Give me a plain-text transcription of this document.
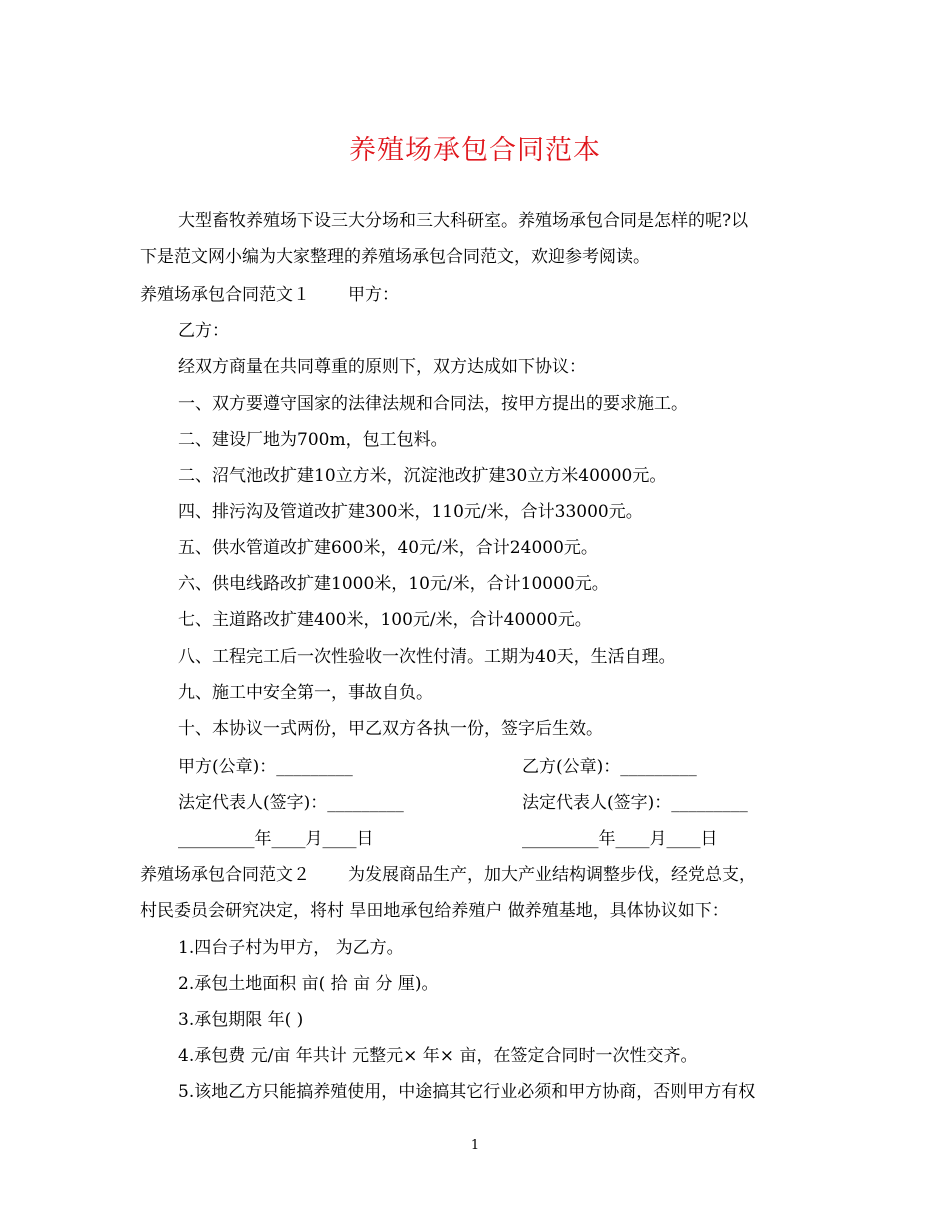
养殖场承包合同范本
大型畜牧养殖场下设三大分场和三大科研室。养殖场承包合同是怎样的呢?以
下是范文网小编为大家整理的养殖场承包合同范文，欢迎参考阅读。
养殖场承包合同范文１ 甲方：
乙方：
经双方商量在共同尊重的原则下，双方达成如下协议：
一、双方要遵守国家的法律法规和合同法，按甲方提出的要求施工。
二、建设厂地为700m，包工包料。
二、沼气池改扩建10立方米，沉淀池改扩建30立方米40000元。
四、排污沟及管道改扩建300米，110元/米，合计33000元。
五、供水管道改扩建600米，40元/米，合计24000元。
六、供电线路改扩建1000米，10元/米，合计10000元。
七、主道路改扩建400米，100元/米，合计40000元。
八、工程完工后一次性验收一次性付清。工期为40天，生活自理。
九、施工中安全第一，事故自负。
十、本协议一式两份，甲乙双方各执一份，签字后生效。
甲方(公章)：_________	乙方(公章)：_________
法定代表人(签字)：_________	法定代表人(签字)：_________
_________年____月____日	_________年____月____日
养殖场承包合同范文２ 为发展商品生产，加大产业结构调整步伐，经党总支，
村民委员会研究决定，将村 旱田地承包给养殖户 做养殖基地，具体协议如下：
1.四台子村为甲方， 为乙方。
2.承包土地面积 亩( 拾 亩 分 厘)。
3.承包期限 年( )
4.承包费 元/亩 年共计 元整元× 年× 亩，在签定合同时一次性交齐。
5.该地乙方只能搞养殖使用，中途搞其它行业必须和甲方协商，否则甲方有权
1
